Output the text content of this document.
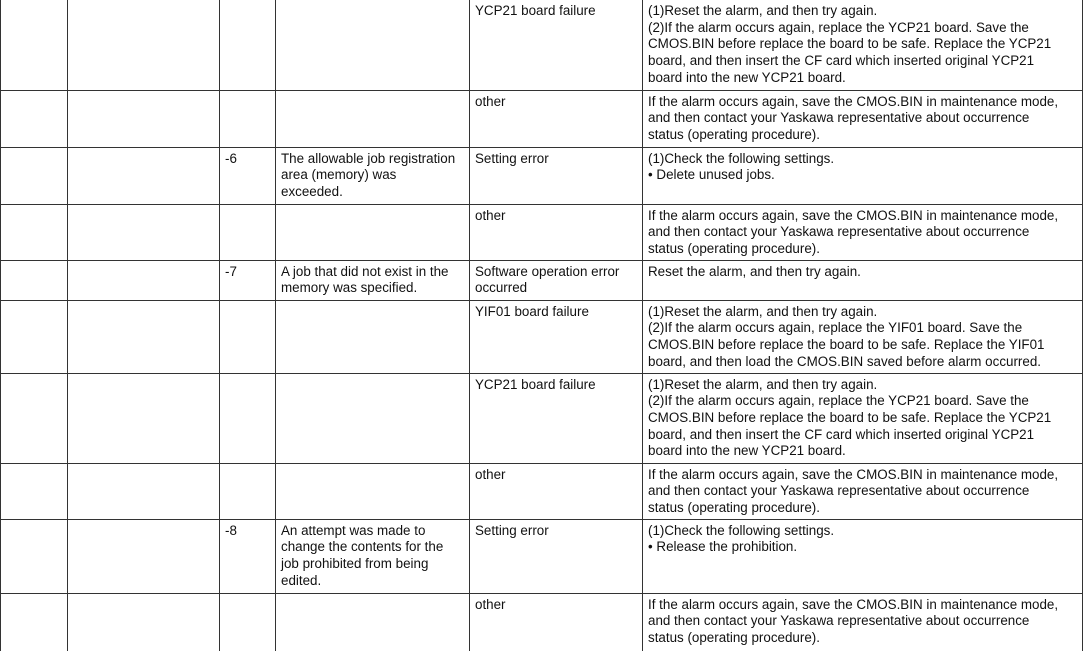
				YCP21 board failure	(1)Reset the alarm, and then try again.
(2)If the alarm occurs again, replace the YCP21 board. Save the
CMOS.BIN before replace the board to be safe. Replace the YCP21
board, and then insert the CF card which inserted original YCP21
board into the new YCP21 board.

				other	If the alarm occurs again, save the CMOS.BIN in maintenance mode,
and then contact your Yaskawa representative about occurrence
status (operating procedure).

		-6	The allowable job registration
area (memory) was
exceeded.	Setting error	(1)Check the following settings.
• Delete unused jobs.

				other	If the alarm occurs again, save the CMOS.BIN in maintenance mode,
and then contact your Yaskawa representative about occurrence
status (operating procedure).

		-7	A job that did not exist in the
memory was specified.	Software operation error
occurred	Reset the alarm, and then try again.

				YIF01 board failure	(1)Reset the alarm, and then try again.
(2)If the alarm occurs again, replace the YIF01 board. Save the
CMOS.BIN before replace the board to be safe. Replace the YIF01
board, and then load the CMOS.BIN saved before alarm occurred.

				YCP21 board failure	(1)Reset the alarm, and then try again.
(2)If the alarm occurs again, replace the YCP21 board. Save the
CMOS.BIN before replace the board to be safe. Replace the YCP21
board, and then insert the CF card which inserted original YCP21
board into the new YCP21 board.

				other	If the alarm occurs again, save the CMOS.BIN in maintenance mode,
and then contact your Yaskawa representative about occurrence
status (operating procedure).

		-8	An attempt was made to
change the contents for the
job prohibited from being
edited.	Setting error	(1)Check the following settings.
• Release the prohibition.

				other	If the alarm occurs again, save the CMOS.BIN in maintenance mode,
and then contact your Yaskawa representative about occurrence
status (operating procedure).
